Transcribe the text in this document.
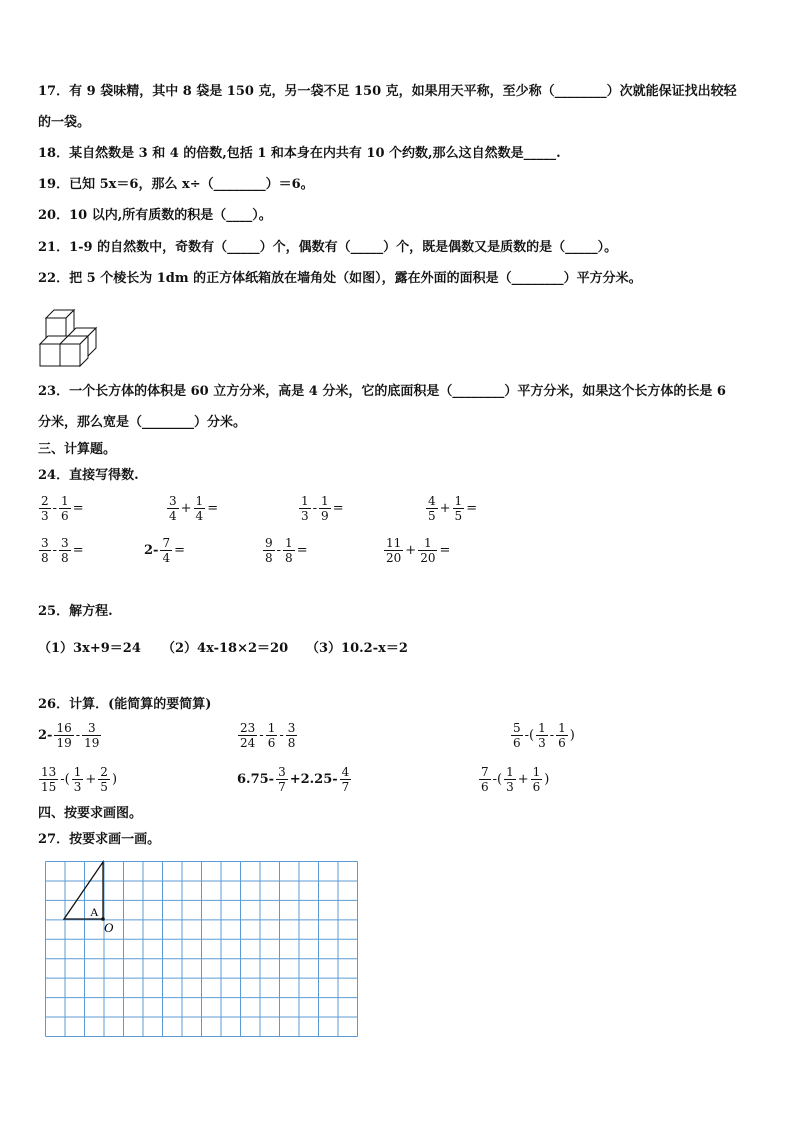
17．有 9 袋味精，其中 8 袋是 150 克，另一袋不足 150 克，如果用天平称，至少称（________）次就能保证找出较轻
的一袋。
18．某自然数是 3 和 4 的倍数,包括 1 和本身在内共有 10 个约数,那么这自然数是_____.
19．已知 5x＝6，那么 x÷（________）＝6。
20．10 以内,所有质数的积是（____）。
21．1-9 的自然数中，奇数有（_____）个，偶数有（_____）个，既是偶数又是质数的是（_____）。
22．把 5 个棱长为 1dm 的正方体纸箱放在墙角处（如图），露在外面的面积是（________）平方分米。
23．一个长方体的体积是 60 立方分米，高是 4 分米，它的底面积是（________）平方分米，如果这个长方体的长是 6
分米，那么宽是（________）分米。
三、计算题。
24．直接写得数.
$\frac{2}{3} - \frac{1}{6}$ =	$\frac{3}{4} + \frac{1}{4}$ =	$\frac{1}{3} - \frac{1}{9}$ =	$\frac{4}{5} + \frac{1}{5}$ =
$\frac{3}{8} - \frac{3}{8}$ =	$2- \frac{7}{4}$ =	$\frac{9}{8} - \frac{1}{8}$ =	$\frac{11}{20} + \frac{1}{20}$ =
25．解方程.
（1）3x+9＝24 （2）4x-18×2＝20 （3）10.2-x＝2
26．计算．(能简算的要简算)
$2- \frac{16}{19} - \frac{3}{19}$	$\frac{23}{24} - \frac{1}{6} - \frac{3}{8}$	$\frac{5}{6}$ -( $\frac{1}{3} - \frac{1}{6}$ )
$\frac{13}{15}$ -( $\frac{1}{3} + \frac{2}{5}$ )	$6.75- \frac{3}{7} +2.25- \frac{4}{7}$	$\frac{7}{6}$ -( $\frac{1}{3} + \frac{1}{6}$ )
四、按要求画图。
27．按要求画一画。
A
O
